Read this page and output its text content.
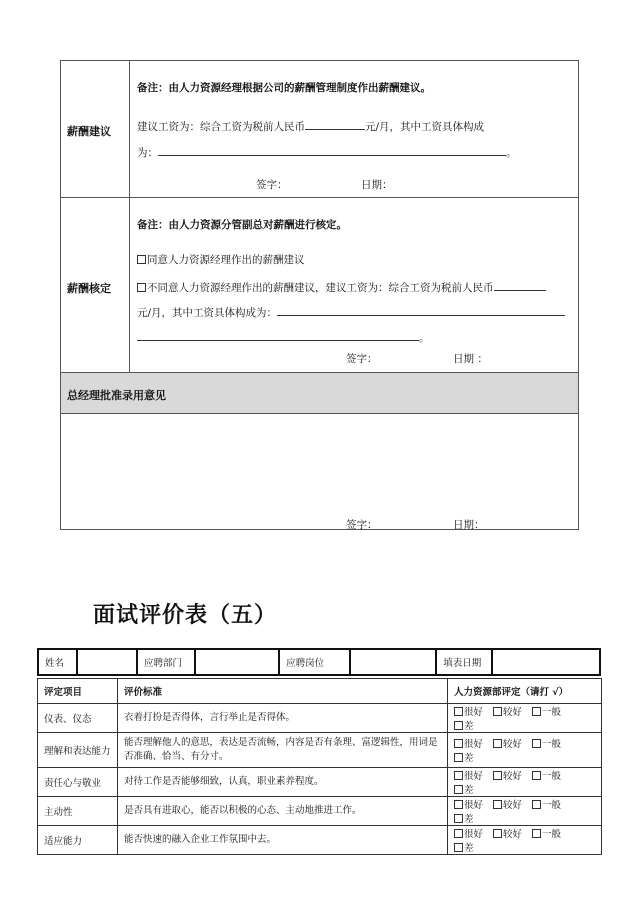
薪酬建议
备注：由人力资源经理根据公司的薪酬管理制度作出薪酬建议。
建议工资为：综合工资为税前人民币	元/月，其中工资具体构成
为：	。
签字：	日期：
薪酬核定
备注：由人力资源分管副总对薪酬进行核定。
同意人力资源经理作出的薪酬建议
不同意人力资源经理作出的薪酬建议，建议工资为：综合工资为税前人民币
元/月，其中工资具体构成为：
。
签字：	日期 ：
总经理批准录用意见
签字：	日期：
面试评价表（五）
姓名		应聘部门		应聘岗位		填表日期	
评定项目	评价标准	人力资源部评定（请打 √）
仪表、仪态	衣着打扮是否得体，言行举止是否得体。	很好 较好 一般差
理解和表达能力	能否理解他人的意思，表达是否流畅，内容是否有条理、富逻辑性，用词是否准确、恰当、有分寸。	很好 较好 一般差
责任心与敬业	对待工作是否能够细致，认真，职业素养程度。	很好 较好 一般差
主动性	是否具有进取心，能否以积极的心态、主动地推进工作。	很好 较好 一般差
适应能力	能否快速的融入企业工作氛围中去。	很好 较好 一般差
